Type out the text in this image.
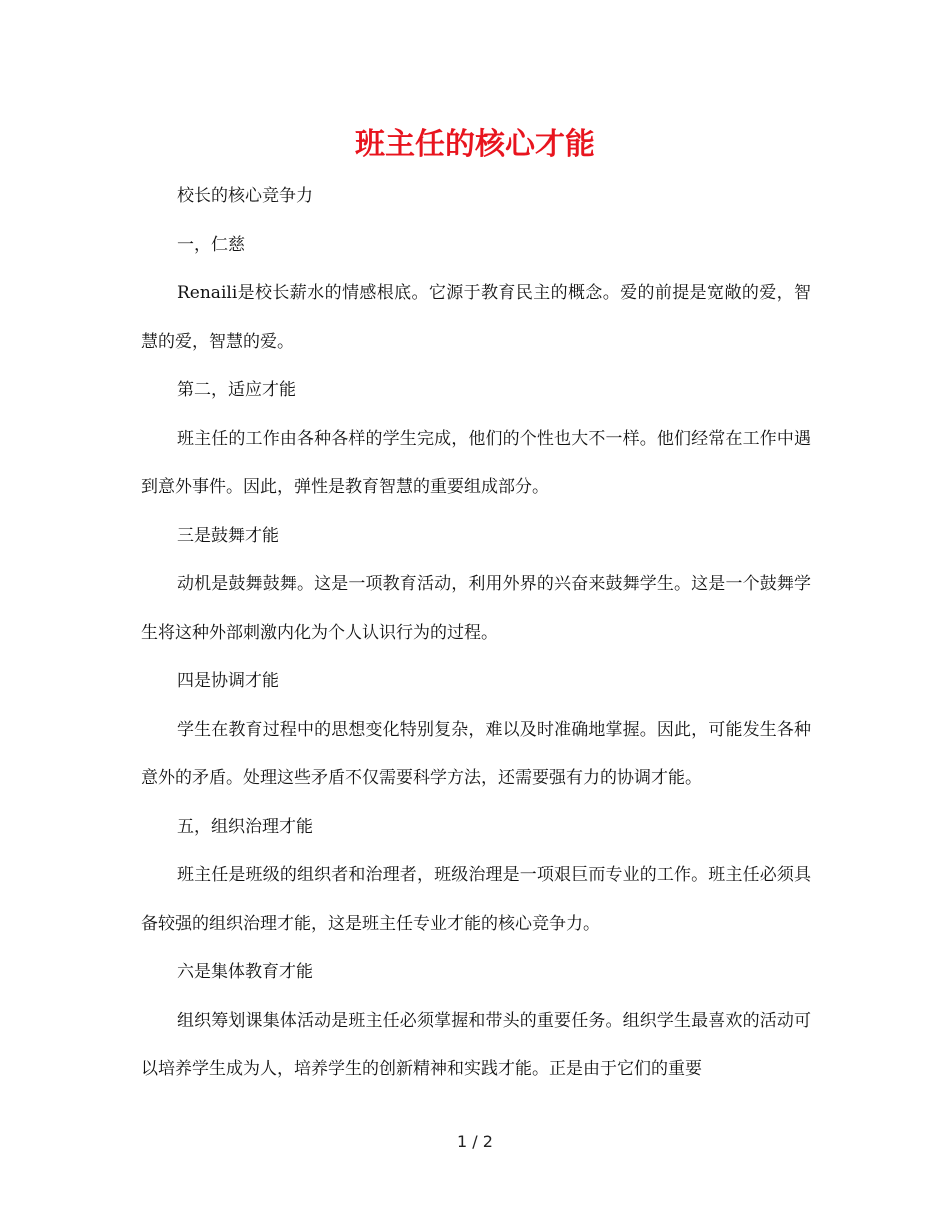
班主任的核心才能

校长的核心竞争力

一，仁慈

Renaili是校长薪水的情感根底。它源于教育民主的概念。爱的前提是宽敞的爱，智慧的爱，智慧的爱。

第二，适应才能

班主任的工作由各种各样的学生完成，他们的个性也大不一样。他们经常在工作中遇到意外事件。因此，弹性是教育智慧的重要组成部分。

三是鼓舞才能

动机是鼓舞鼓舞。这是一项教育活动，利用外界的兴奋来鼓舞学生。这是一个鼓舞学生将这种外部刺激内化为个人认识行为的过程。

四是协调才能

学生在教育过程中的思想变化特别复杂，难以及时准确地掌握。因此，可能发生各种意外的矛盾。处理这些矛盾不仅需要科学方法，还需要强有力的协调才能。

五，组织治理才能

班主任是班级的组织者和治理者，班级治理是一项艰巨而专业的工作。班主任必须具备较强的组织治理才能，这是班主任专业才能的核心竞争力。

六是集体教育才能

组织筹划课集体活动是班主任必须掌握和带头的重要任务。组织学生最喜欢的活动可以培养学生成为人，培养学生的创新精神和实践才能。正是由于它们的重要

1 / 2
